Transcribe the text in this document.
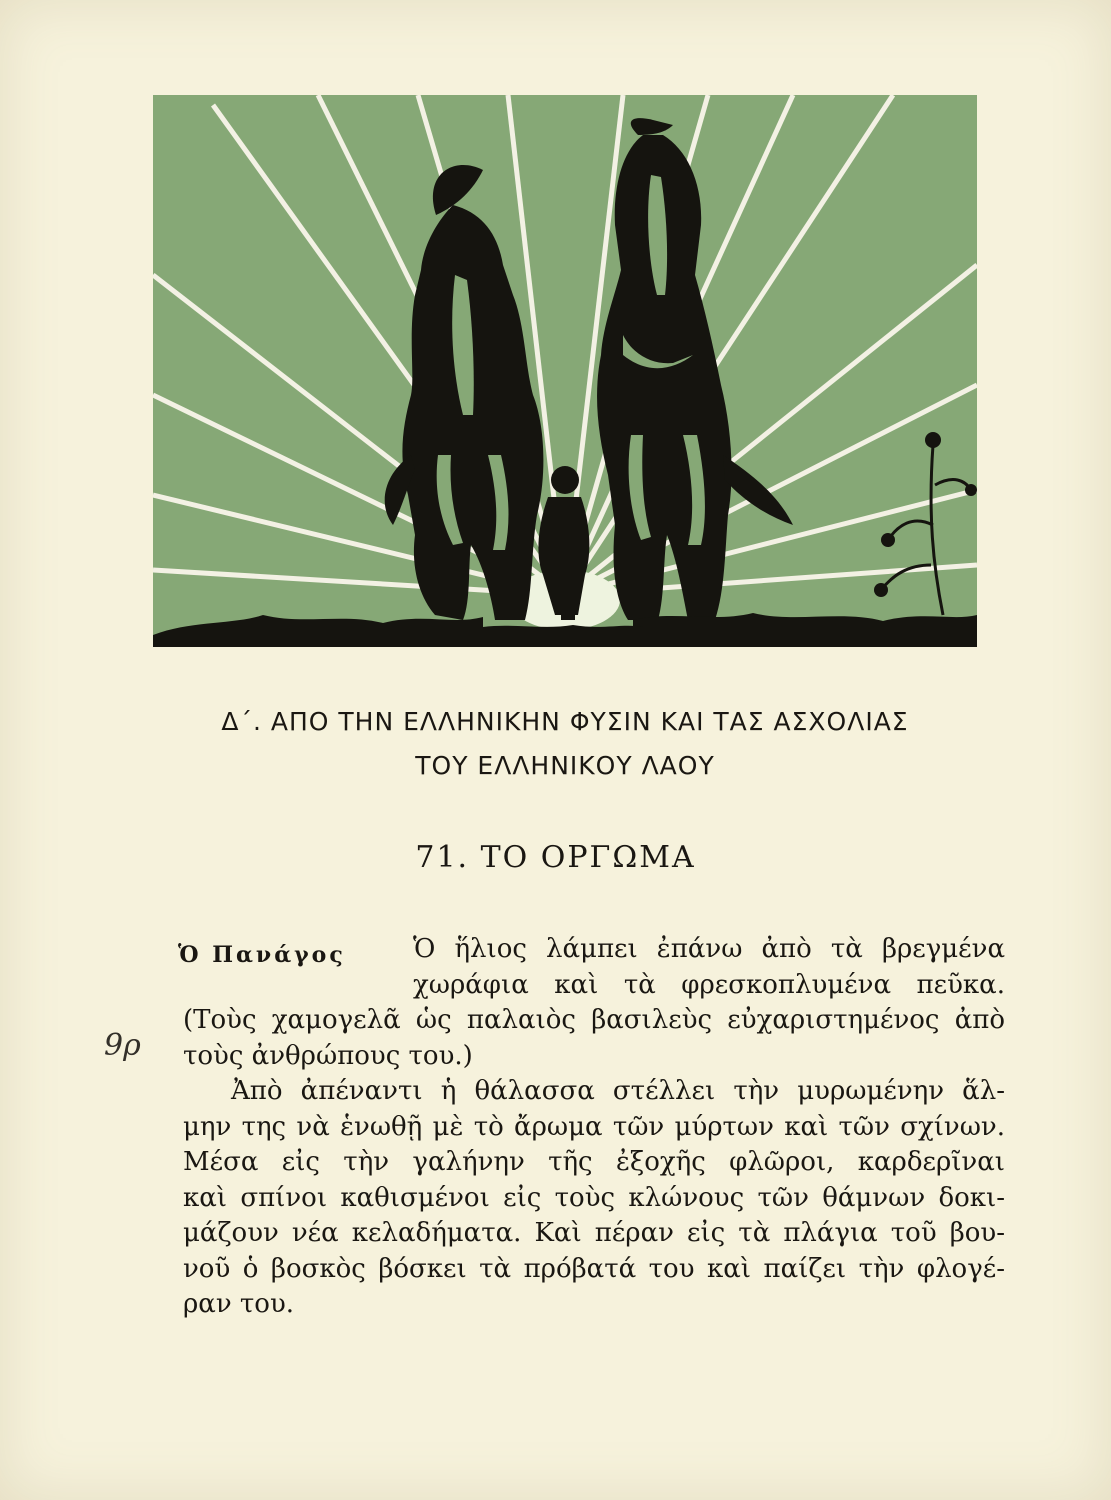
Δ΄. ΑΠΟ ΤΗΝ ΕΛΛΗΝΙΚΗΝ ΦΥΣΙΝ ΚΑΙ ΤΑΣ ΑΣΧΟΛΙΑΣ
ΤΟΥ ΕΛΛΗΝΙΚΟΥ ΛΑΟΥ
71. ΤΟ ΟΡΓΩΜΑ
Ὁ Πανάγος
9ρ
Ὁ ἥλιος λάμπει ἐπάνω ἀπὸ τὰ βρεγμένα
χωράφια καὶ τὰ φρεσκοπλυμένα πεῦκα.
(Τοὺς χαμογελᾶ ὡς παλαιὸς βασιλεὺς εὐχαριστημένος ἀπὸ
τοὺς ἀνθρώπους του.)
Ἀπὸ ἀπέναντι ἡ θάλασσα στέλλει τὴν μυρωμένην ἅλ-
μην της νὰ ἑνωθῇ μὲ τὸ ἄρωμα τῶν μύρτων καὶ τῶν σχίνων.
Μέσα εἰς τὴν γαλήνην τῆς ἐξοχῆς φλῶροι, καρδερῖναι
καὶ σπίνοι καθισμένοι εἰς τοὺς κλώνους τῶν θάμνων δοκι-
μάζουν νέα κελαδήματα. Καὶ πέραν εἰς τὰ πλάγια τοῦ βου-
νοῦ ὁ βοσκὸς βόσκει τὰ πρόβατά του καὶ παίζει τὴν φλογέ-
ραν του.
